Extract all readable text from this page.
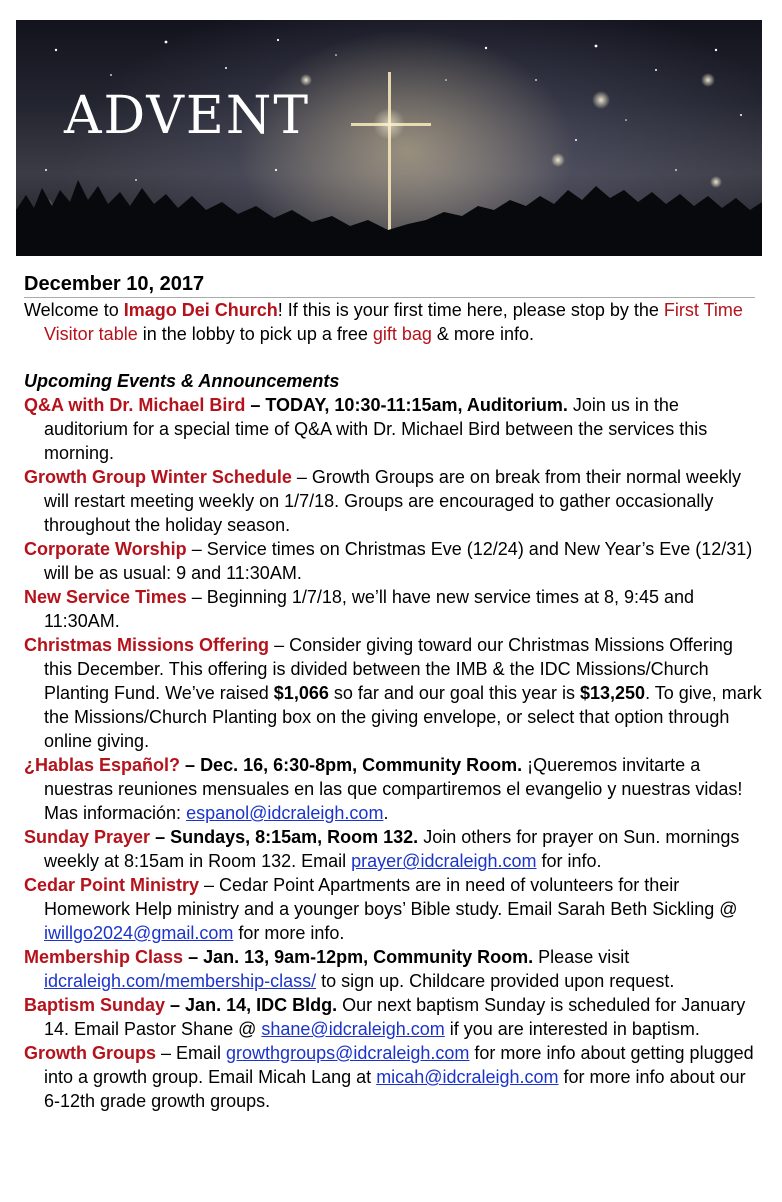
ADVENT
December 10, 2017

Welcome to Imago Dei Church! If this is your first time here, please stop by the First Time Visitor table in the lobby to pick up a free gift bag & more info.

Upcoming Events & Announcements

Q&A with Dr. Michael Bird – TODAY, 10:30-11:15am, Auditorium. Join us in the auditorium for a special time of Q&A with Dr. Michael Bird between the services this morning.

Growth Group Winter Schedule – Growth Groups are on break from their normal weekly will restart meeting weekly on 1/7/18. Groups are encouraged to gather occasionally throughout the holiday season.

Corporate Worship – Service times on Christmas Eve (12/24) and New Year’s Eve (12/31) will be as usual: 9 and 11:30AM.

New Service Times – Beginning 1/7/18, we’ll have new service times at 8, 9:45 and 11:30AM.

Christmas Missions Offering – Consider giving toward our Christmas Missions Offering this December. This offering is divided between the IMB & the IDC Missions/Church Planting Fund. We’ve raised $1,066 so far and our goal this year is $13,250. To give, mark the Missions/Church Planting box on the giving envelope, or select that option through online giving.

¿Hablas Español? – Dec. 16, 6:30-8pm, Community Room. ¡Queremos invitarte a nuestras reuniones mensuales en las que compartiremos el evangelio y nuestras vidas! Mas información: espanol@idcraleigh.com.

Sunday Prayer – Sundays, 8:15am, Room 132. Join others for prayer on Sun. mornings weekly at 8:15am in Room 132. Email prayer@idcraleigh.com for info.

Cedar Point Ministry – Cedar Point Apartments are in need of volunteers for their Homework Help ministry and a younger boys’ Bible study. Email Sarah Beth Sickling @ iwillgo2024@gmail.com for more info.

Membership Class – Jan. 13, 9am-12pm, Community Room. Please visit idcraleigh.com/membership-class/ to sign up. Childcare provided upon request.

Baptism Sunday – Jan. 14, IDC Bldg. Our next baptism Sunday is scheduled for January 14. Email Pastor Shane @ shane@idcraleigh.com if you are interested in baptism.

Growth Groups – Email growthgroups@idcraleigh.com for more info about getting plugged into a growth group. Email Micah Lang at micah@idcraleigh.com for more info about our 6-12th grade growth groups.
